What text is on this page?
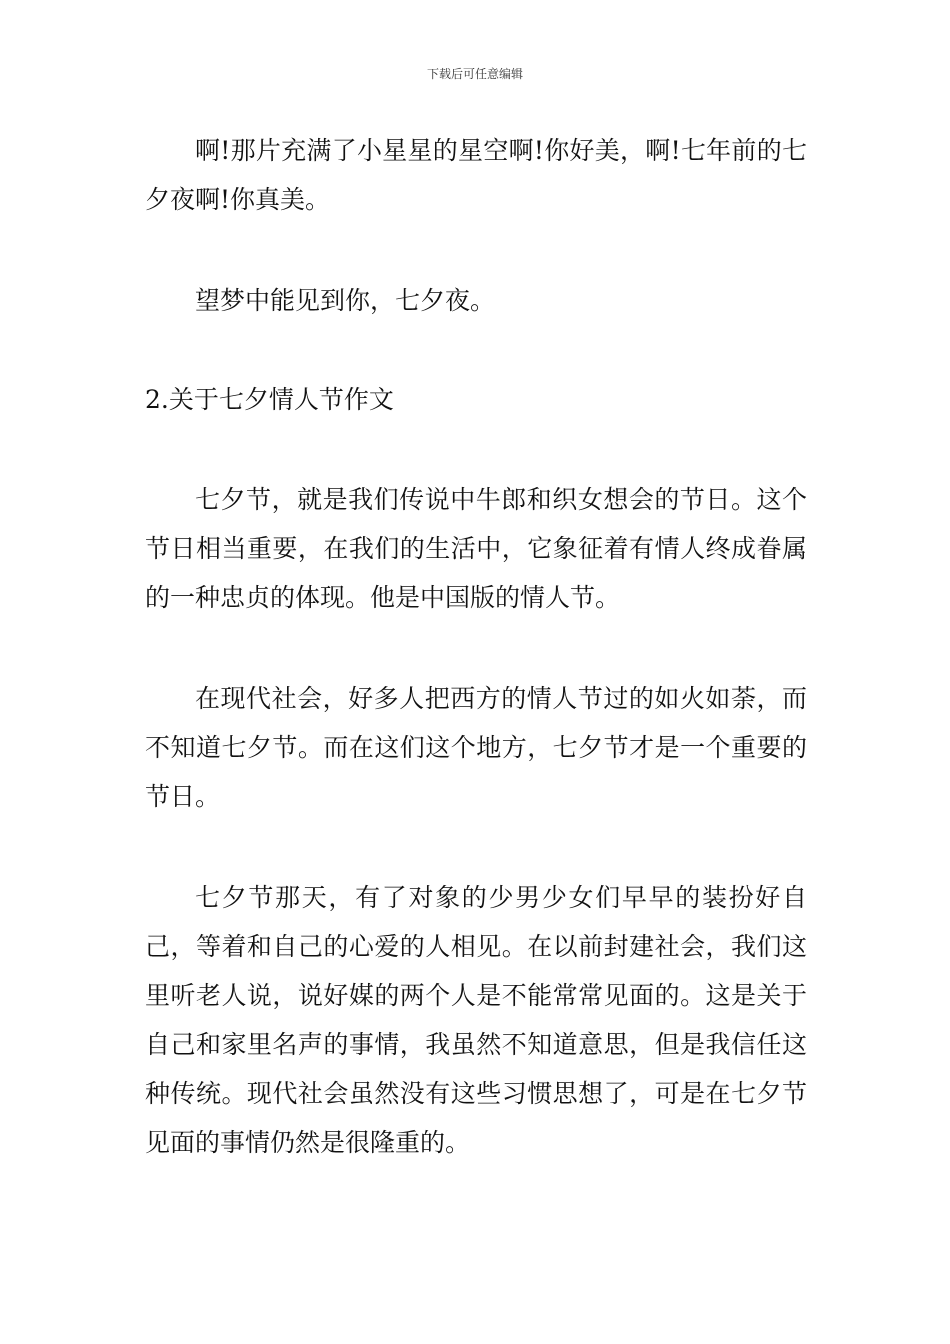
下载后可任意编辑

啊!那片充满了小星星的星空啊!你好美，啊!七年前的七夕夜啊!你真美。

望梦中能见到你，七夕夜。

2.关于七夕情人节作文

七夕节，就是我们传说中牛郎和织女想会的节日。这个节日相当重要，在我们的生活中，它象征着有情人终成眷属的一种忠贞的体现。他是中国版的情人节。

在现代社会，好多人把西方的情人节过的如火如荼，而不知道七夕节。而在这们这个地方，七夕节才是一个重要的节日。

七夕节那天，有了对象的少男少女们早早的装扮好自己，等着和自己的心爱的人相见。在以前封建社会，我们这里听老人说，说好媒的两个人是不能常常见面的。这是关于自己和家里名声的事情，我虽然不知道意思，但是我信任这种传统。现代社会虽然没有这些习惯思想了，可是在七夕节见面的事情仍然是很隆重的。
